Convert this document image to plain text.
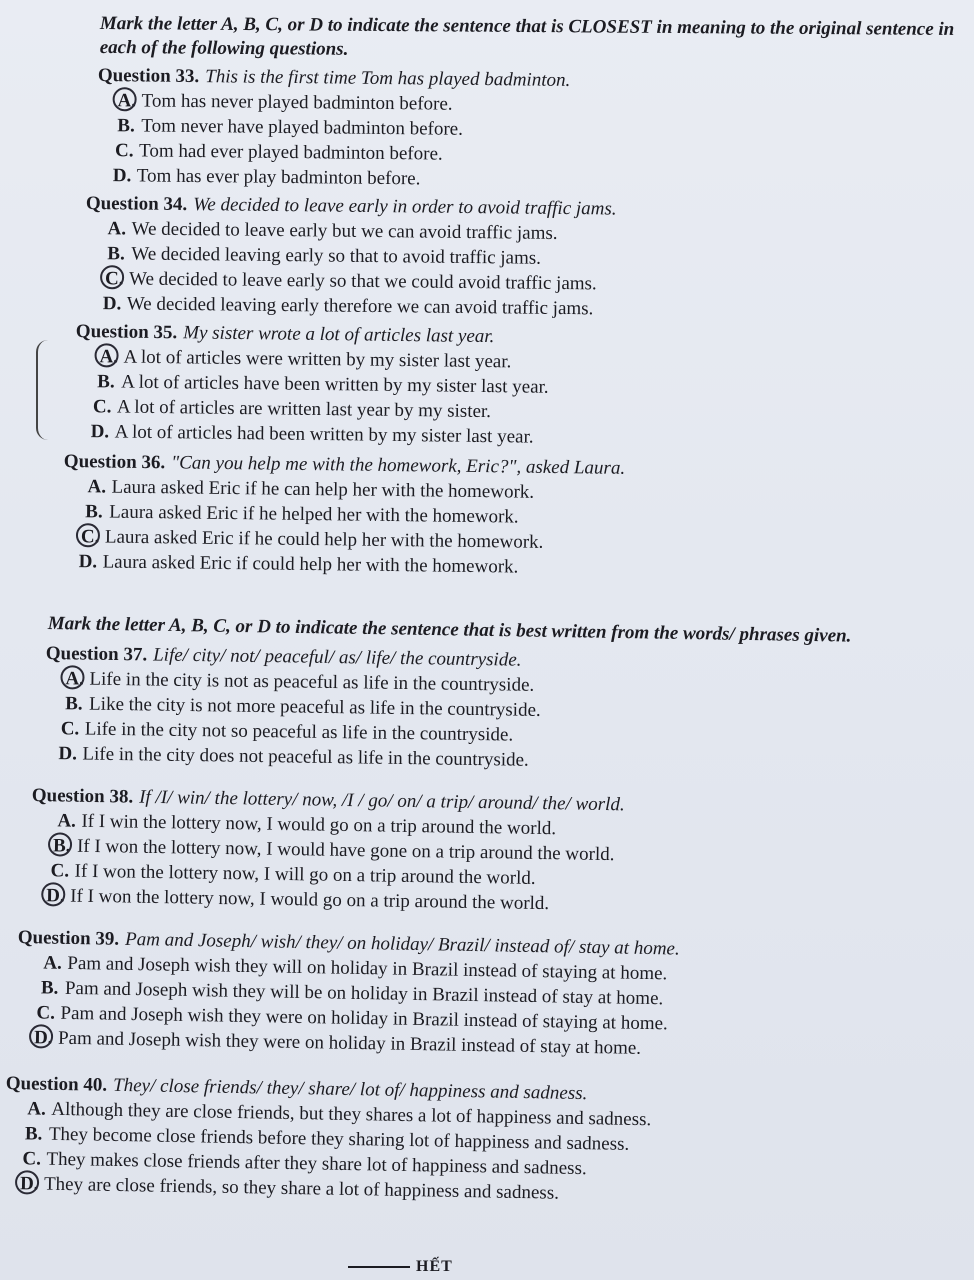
Mark the letter A, B, C, or D to indicate the sentence that is CLOSEST in meaning to the original sentence in each of the following questions.

Question 33. This is the first time Tom has played badminton.
A. Tom has never played badminton before.
B. Tom never have played badminton before.
C. Tom had ever played badminton before.
D. Tom has ever play badminton before.
Question 34. We decided to leave early in order to avoid traffic jams.
A. We decided to leave early but we can avoid traffic jams.
B. We decided leaving early so that to avoid traffic jams.
C. We decided to leave early so that we could avoid traffic jams.
D. We decided leaving early therefore we can avoid traffic jams.
Question 35. My sister wrote a lot of articles last year.
A. A lot of articles were written by my sister last year.
B. A lot of articles have been written by my sister last year.
C. A lot of articles are written last year by my sister.
D. A lot of articles had been written by my sister last year.
Question 36. "Can you help me with the homework, Eric?", asked Laura.
A. Laura asked Eric if he can help her with the homework.
B. Laura asked Eric if he helped her with the homework.
C. Laura asked Eric if he could help her with the homework.
D. Laura asked Eric if could help her with the homework.

Mark the letter A, B, C, or D to indicate the sentence that is best written from the words/ phrases given.

Question 37. Life/ city/ not/ peaceful/ as/ life/ the countryside.
A. Life in the city is not as peaceful as life in the countryside.
B. Like the city is not more peaceful as life in the countryside.
C. Life in the city not so peaceful as life in the countryside.
D. Life in the city does not peaceful as life in the countryside.
Question 38. If /I/ win/ the lottery/ now, /I / go/ on/ a trip/ around/ the/ world.
A. If I win the lottery now, I would go on a trip around the world.
B. If I won the lottery now, I would have gone on a trip around the world.
C. If I won the lottery now, I will go on a trip around the world.
D. If I won the lottery now, I would go on a trip around the world.
Question 39. Pam and Joseph/ wish/ they/ on holiday/ Brazil/ instead of/ stay at home.
A. Pam and Joseph wish they will on holiday in Brazil instead of staying at home.
B. Pam and Joseph wish they will be on holiday in Brazil instead of stay at home.
C. Pam and Joseph wish they were on holiday in Brazil instead of staying at home.
D. Pam and Joseph wish they were on holiday in Brazil instead of stay at home.
Question 40. They/ close friends/ they/ share/ lot of/ happiness and sadness.
A. Although they are close friends, but they shares a lot of happiness and sadness.
B. They become close friends before they sharing lot of happiness and sadness.
C. They makes close friends after they share lot of happiness and sadness.
D. They are close friends, so they share a lot of happiness and sadness.
HẾT
